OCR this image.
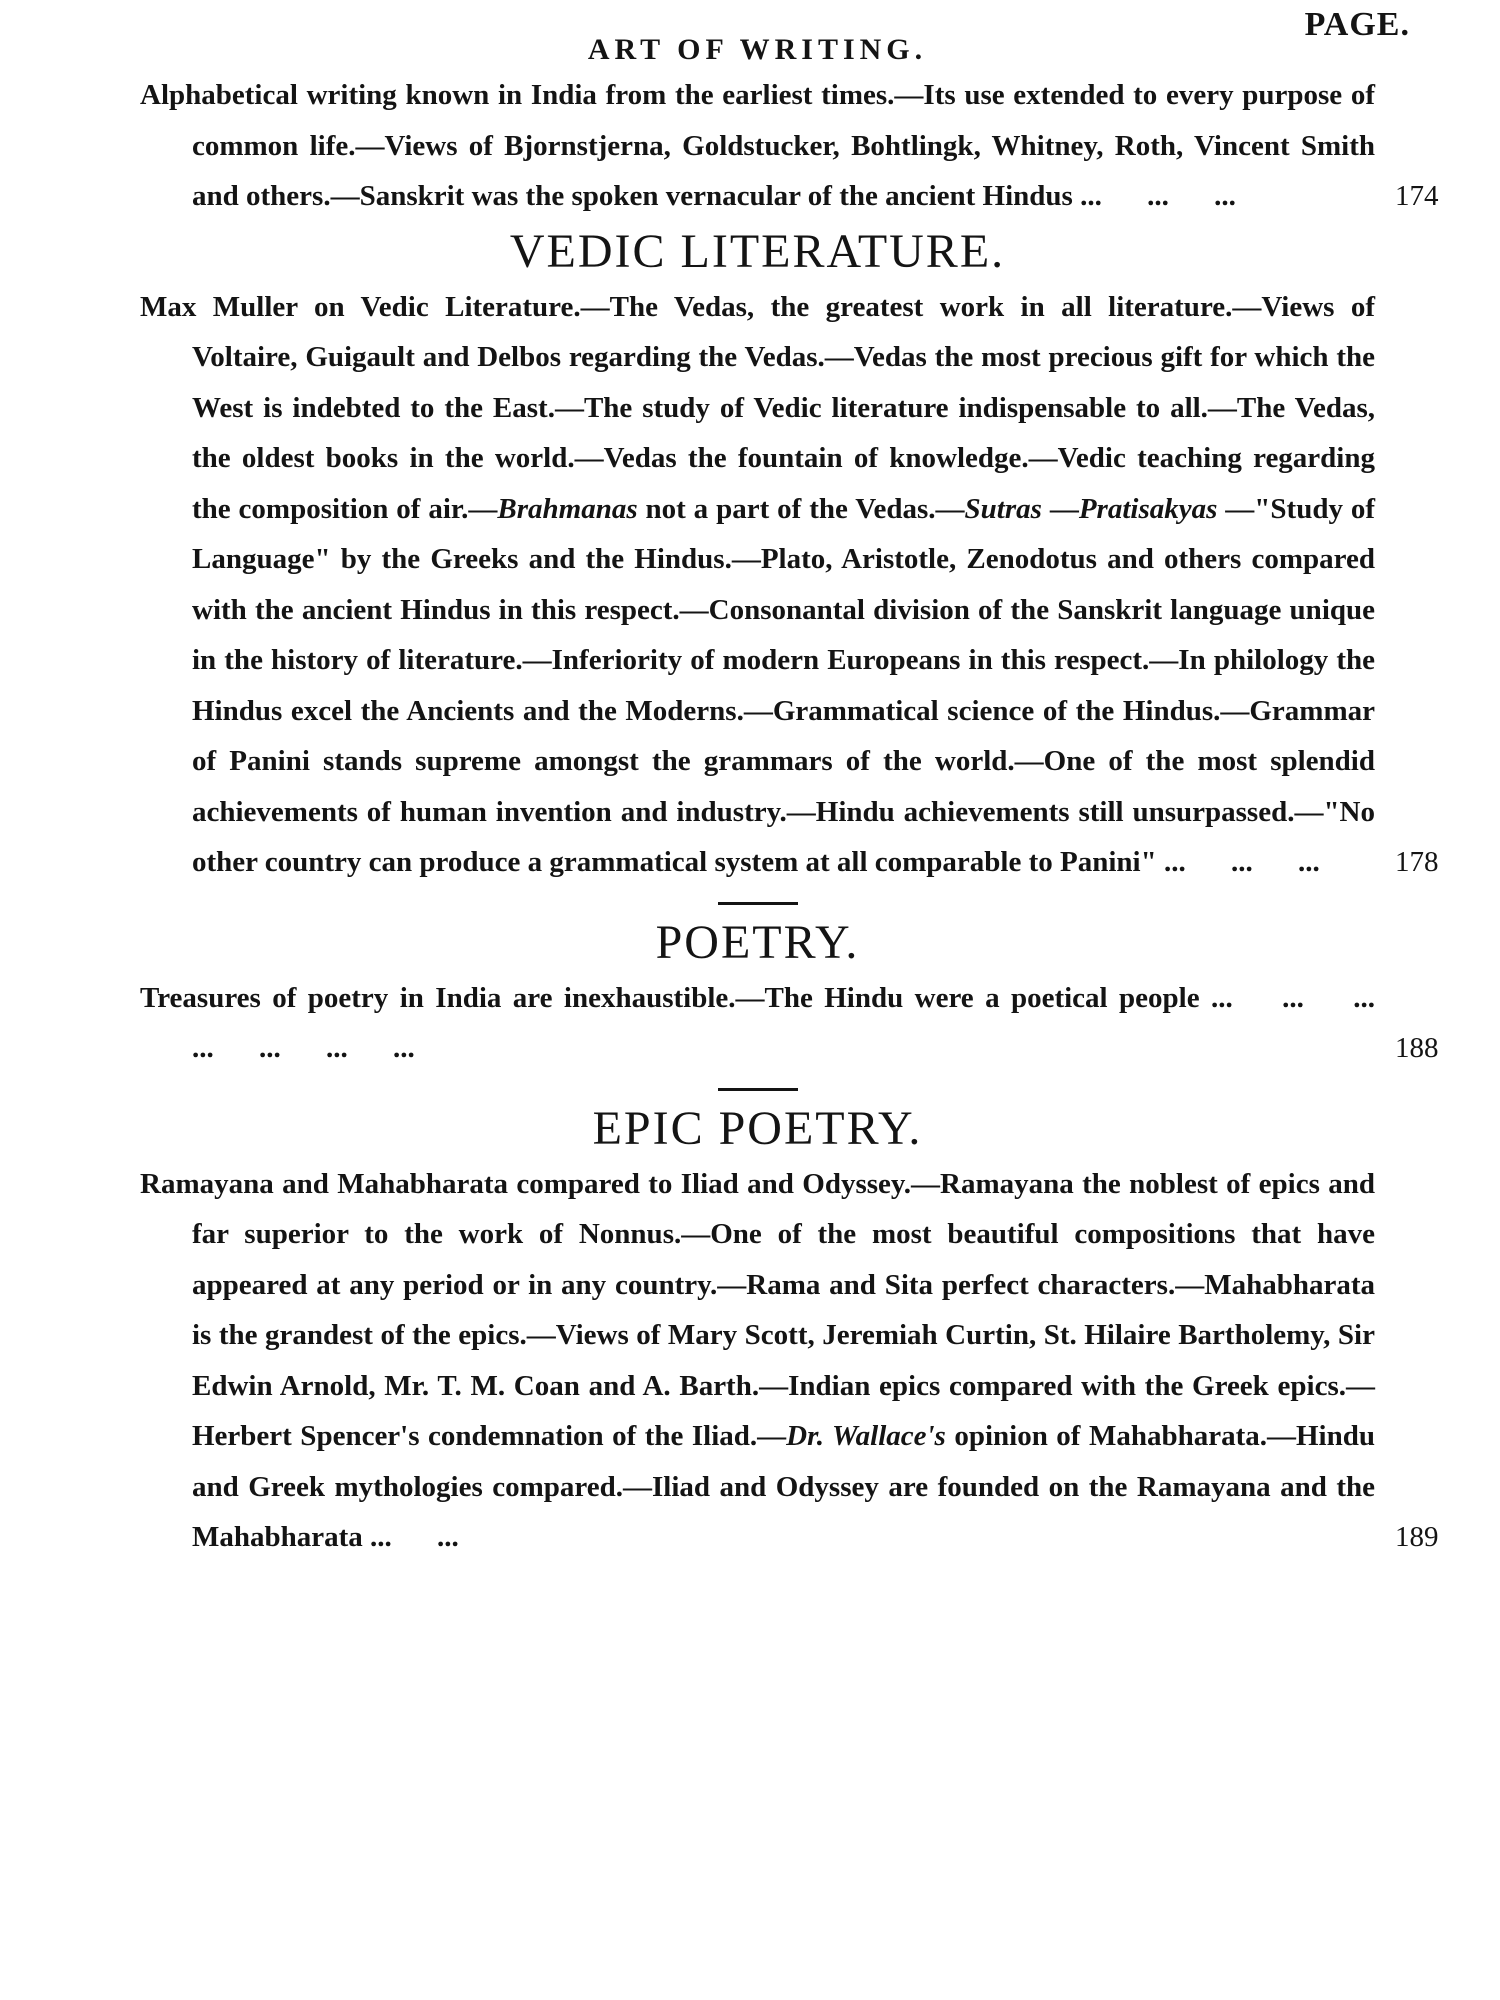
PAGE.
ART OF WRITING.

Alphabetical writing known in India from the earliest times.—Its use extended to every purpose of common life.—Views of Bjornstjerna, Goldstucker, Bohtlingk, Whitney, Roth, Vincent Smith and others.—Sanskrit was the spoken vernacular of the ancient Hindus ... ... ...	174

VEDIC LITERATURE.

Max Muller on Vedic Literature.—The Vedas, the greatest work in all literature.—Views of Voltaire, Guigault and Delbos regarding the Vedas.—Vedas the most precious gift for which the West is indebted to the East.—The study of Vedic literature indispensable to all.—The Vedas, the oldest books in the world.—Vedas the fountain of knowledge.—Vedic teaching regarding the composition of air.—Brahmanas not a part of the Vedas.—Sutras —Pratisakyas —"Study of Language" by the Greeks and the Hindus.—Plato, Aristotle, Zenodotus and others compared with the ancient Hindus in this respect.—Consonantal division of the Sanskrit language unique in the history of literature.—Inferiority of modern Europeans in this respect.—In philology the Hindus excel the Ancients and the Moderns.—Grammatical science of the Hindus.—Grammar of Panini stands supreme amongst the grammars of the world.—One of the most splendid achievements of human invention and industry.—Hindu achievements still unsurpassed.—"No other country can produce a grammatical system at all comparable to Panini" ... ... ...	178

POETRY.

Treasures of poetry in India are inexhaustible.—The Hindu were a poetical people ... ... ... ... ... ... ...	188

EPIC POETRY.

Ramayana and Mahabharata compared to Iliad and Odyssey.—Ramayana the noblest of epics and far superior to the work of Nonnus.—One of the most beautiful compositions that have appeared at any period or in any country.—Rama and Sita perfect characters.—Mahabharata is the grandest of the epics.—Views of Mary Scott, Jeremiah Curtin, St. Hilaire Bartholemy, Sir Edwin Arnold, Mr. T. M. Coan and A. Barth.—Indian epics compared with the Greek epics.—Herbert Spencer's condemnation of the Iliad.—Dr. Wallace's opinion of Mahabharata.—Hindu and Greek mythologies compared.—Iliad and Odyssey are founded on the Ramayana and the Mahabharata ... ...	189
